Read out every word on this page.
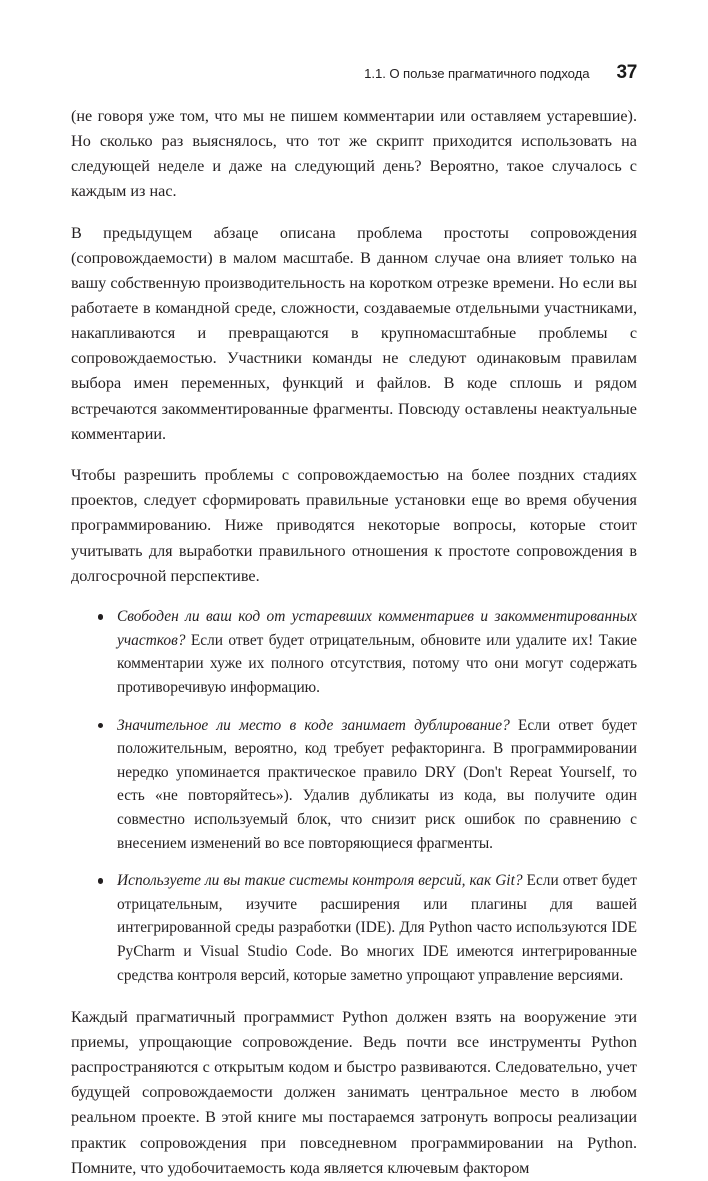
1.1. О пользе прагматичного подхода 37

(не говоря уже том, что мы не пишем комментарии или оставляем устаревшие). Но сколько раз выяснялось, что тот же скрипт приходится использовать на следующей неделе и даже на следующий день? Вероятно, такое случалось с каждым из нас.

В предыдущем абзаце описана проблема простоты сопровождения (сопровождаемости) в малом масштабе. В данном случае она влияет только на вашу собственную производительность на коротком отрезке времени. Но если вы работаете в командной среде, сложности, создаваемые отдельными участниками, накапливаются и превращаются в крупномасштабные проблемы с сопровождаемостью. Участники команды не следуют одинаковым правилам выбора имен переменных, функций и файлов. В коде сплошь и рядом встречаются закомментированные фрагменты. Повсюду оставлены неактуальные комментарии.

Чтобы разрешить проблемы с сопровождаемостью на более поздних стадиях проектов, следует сформировать правильные установки еще во время обучения программированию. Ниже приводятся некоторые вопросы, которые стоит учитывать для выработки правильного отношения к простоте сопровождения в долгосрочной перспективе.

Свободен ли ваш код от устаревших комментариев и закомментированных участков? Если ответ будет отрицательным, обновите или удалите их! Такие комментарии хуже их полного отсутствия, потому что они могут содержать противоречивую информацию.
Значительное ли место в коде занимает дублирование? Если ответ будет положительным, вероятно, код требует рефакторинга. В программировании нередко упоминается практическое правило DRY (Don't Repeat Yourself, то есть «не повторяйтесь»). Удалив дубликаты из кода, вы получите один совместно используемый блок, что снизит риск ошибок по сравнению с внесением изменений во все повторяющиеся фрагменты.
Используете ли вы такие системы контроля версий, как Git? Если ответ будет отрицательным, изучите расширения или плагины для вашей интегрированной среды разработки (IDE). Для Python часто используются IDE PyCharm и Visual Studio Code. Во многих IDE имеются интегрированные средства контроля версий, которые заметно упрощают управление версиями.

Каждый прагматичный программист Python должен взять на вооружение эти приемы, упрощающие сопровождение. Ведь почти все инструменты Python распространяются с открытым кодом и быстро развиваются. Следовательно, учет будущей сопровождаемости должен занимать центральное место в любом реальном проекте. В этой книге мы постараемся затронуть вопросы реализации практик сопровождения при повседневном программировании на Python. Помните, что удобочитаемость кода является ключевым фактором
